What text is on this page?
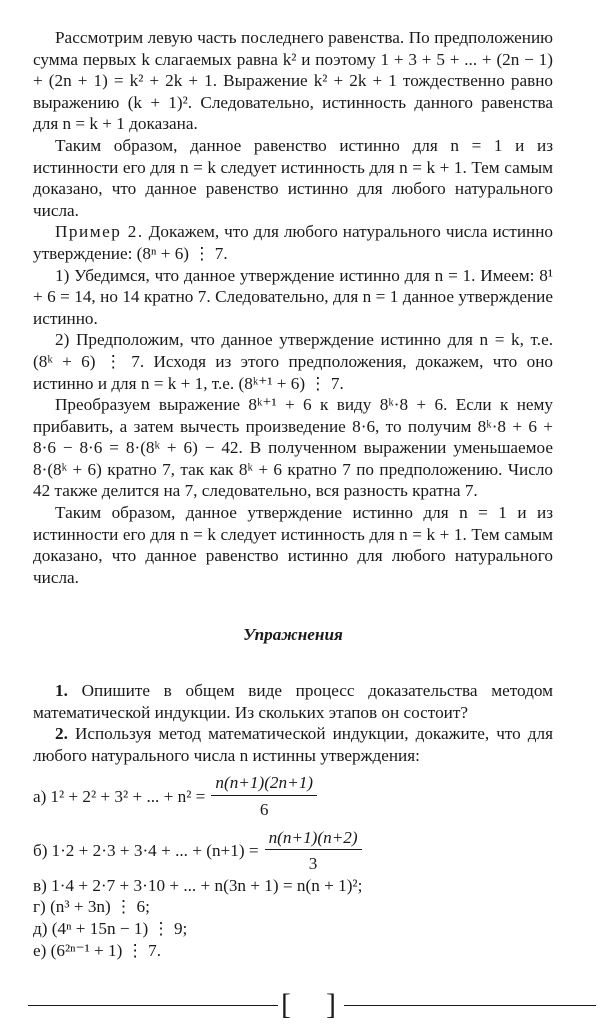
Рассмотрим левую часть последнего равенства. По предположению сумма первых k слагаемых равна k² и поэтому 1 + 3 + 5 + ... + (2n − 1) + (2n + 1) = k² + 2k + 1. Выражение k² + 2k + 1 тождественно равно выражению (k + 1)². Следовательно, истинность данного равенства для n = k + 1 доказана.

Таким образом, данное равенство истинно для n = 1 и из истинности его для n = k следует истинность для n = k + 1. Тем самым доказано, что данное равенство истинно для любого натурального числа.

Пример 2. Докажем, что для любого натурального числа истинно утверждение: (8ⁿ + 6) ⋮ 7.

1) Убедимся, что данное утверждение истинно для n = 1. Имеем: 8¹ + 6 = 14, но 14 кратно 7. Следовательно, для n = 1 данное утверждение истинно.

2) Предположим, что данное утверждение истинно для n = k, т.е. (8ᵏ + 6) ⋮ 7. Исходя из этого предположения, докажем, что оно истинно и для n = k + 1, т.е. (8ᵏ⁺¹ + 6) ⋮ 7.

Преобразуем выражение 8ᵏ⁺¹ + 6 к виду 8ᵏ·8 + 6. Если к нему прибавить, а затем вычесть произведение 8·6, то получим 8ᵏ·8 + 6 + 8·6 − 8·6 = 8·(8ᵏ + 6) − 42. В полученном выражении уменьшаемое 8·(8ᵏ + 6) кратно 7, так как 8ᵏ + 6 кратно 7 по предположению. Число 42 также делится на 7, следовательно, вся разность кратна 7.

Таким образом, данное утверждение истинно для n = 1 и из истинности его для n = k следует истинность для n = k + 1. Тем самым доказано, что данное равенство истинно для любого натурального числа.

Упражнения

1. Опишите в общем виде процесс доказательства методом математической индукции. Из скольких этапов он состоит?

2. Используя метод математической индукции, докажите, что для любого натурального числа n истинны утверждения:

а) 1² + 2² + 3² + ... + $n^2 = \frac{n(n+1)(2n+1)}{6}$
б) 1·2 + 2·3 + 3·4 + ... + $(n+1) = \frac{n(n+1)(n+2)}{3}$

в) 1·4 + 2·7 + 3·10 + ... + n(3n + 1) = n(n + 1)²;

г) (n³ + 3n) ⋮ 6;

д) (4ⁿ + 15n − 1) ⋮ 9;

е) (6²ⁿ⁻¹ + 1) ⋮ 7.

[ ]
